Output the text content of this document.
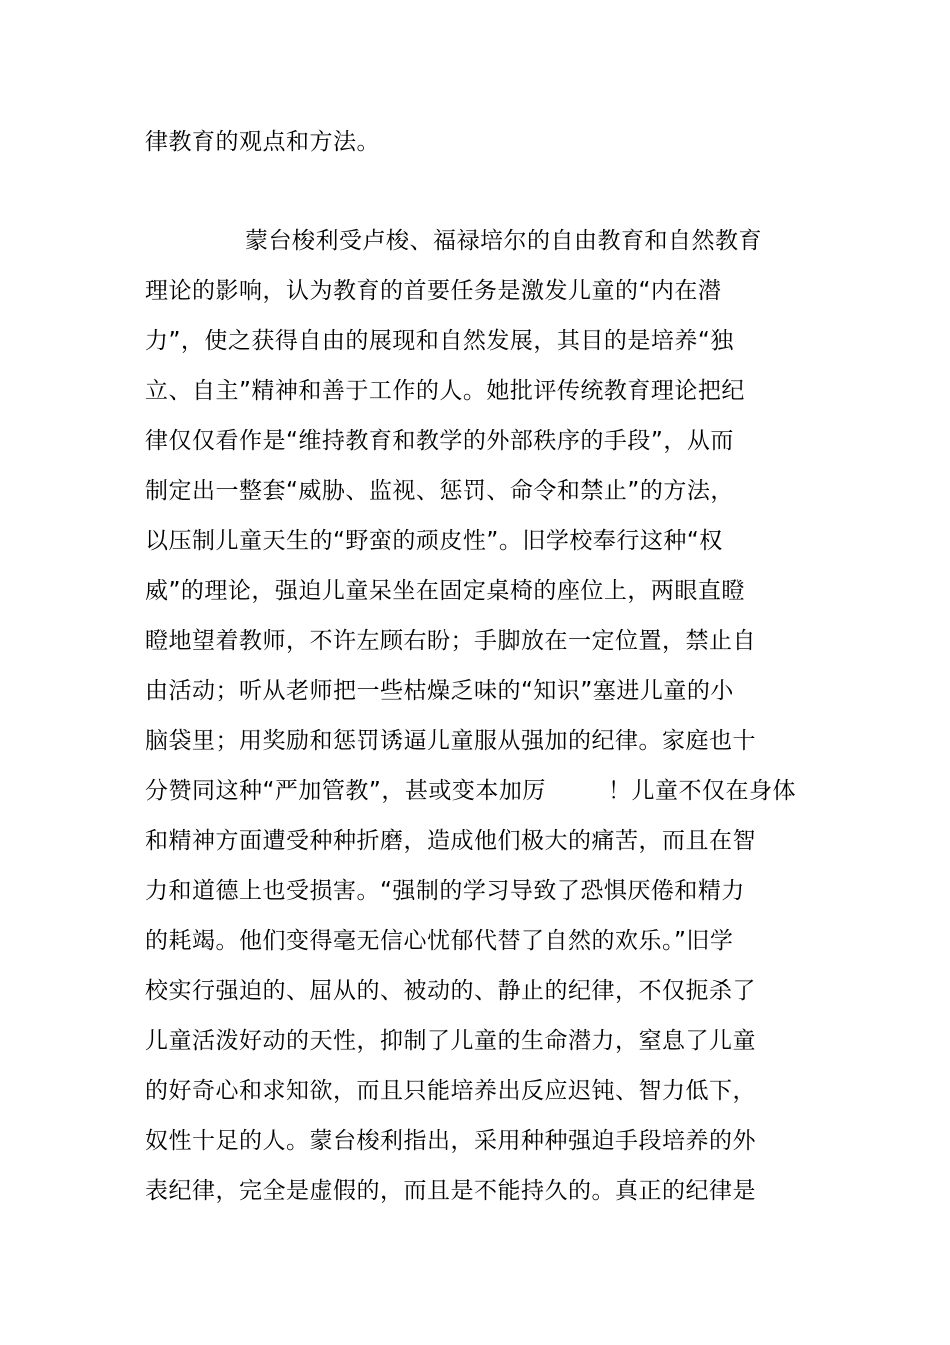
律教育的观点和方法。
蒙台梭利受卢梭、福禄培尔的自由教育和自然教育
理论的影响，认为教育的首要任务是激发儿童的“内在潜
力”，使之获得自由的展现和自然发展，其目的是培养“独
立、自主”精神和善于工作的人。她批评传统教育理论把纪
律仅仅看作是“维持教育和教学的外部秩序的手段”，从而
制定出一整套“威胁、监视、惩罚、命令和禁止”的方法，
以压制儿童天生的“野蛮的顽皮性”。旧学校奉行这种“权
威”的理论，强迫儿童呆坐在固定桌椅的座位上，两眼直瞪
瞪地望着教师，不许左顾右盼；手脚放在一定位置，禁止自
由活动；听从老师把一些枯燥乏味的“知识”塞进儿童的小
脑袋里；用奖励和惩罚诱逼儿童服从强加的纪律。家庭也十
分赞同这种“严加管教”，甚或变本加厉	！儿童不仅在身体
和精神方面遭受种种折磨，造成他们极大的痛苦，而且在智
力和道德上也受损害。“强制的学习导致了恐惧厌倦和精力
的耗竭。他们变得毫无信心忧郁代替了自然的欢乐。”旧学
校实行强迫的、屈从的、被动的、静止的纪律，不仅扼杀了
儿童活泼好动的天性，抑制了儿童的生命潜力，窒息了儿童
的好奇心和求知欲，而且只能培养出反应迟钝、智力低下，
奴性十足的人。蒙台梭利指出，采用种种强迫手段培养的外
表纪律，完全是虚假的，而且是不能持久的。真正的纪律是
